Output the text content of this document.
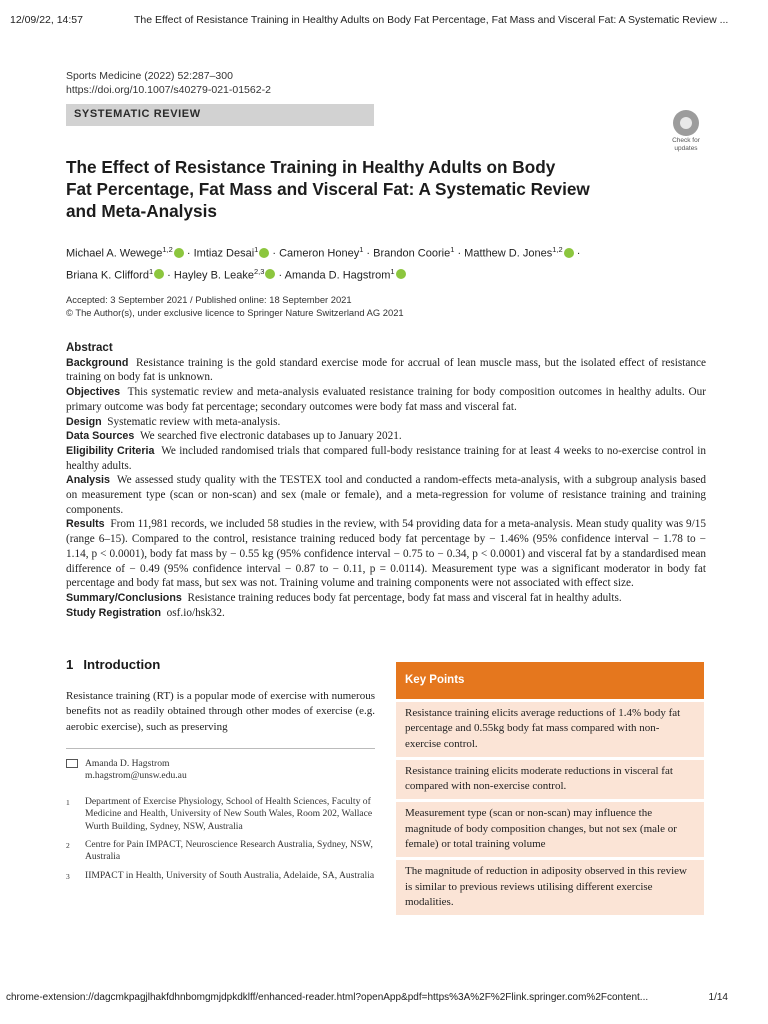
12/09/22, 14:57	The Effect of Resistance Training in Healthy Adults on Body Fat Percentage, Fat Mass and Visceral Fat: A Systematic Review ...
Sports Medicine (2022) 52:287–300
https://doi.org/10.1007/s40279-021-01562-2
SYSTEMATIC REVIEW
Check for
updates
The Effect of Resistance Training in Healthy Adults on Body
Fat Percentage, Fat Mass and Visceral Fat: A Systematic Review
and Meta-Analysis
Michael A. Wewege$^{1,2}$ · Imtiaz Desai$^1$ · Cameron Honey$^1$ · Brandon Coorie$^1$ · Matthew D. Jones$^{1,2}$ ·
Briana K. Clifford$^1$ · Hayley B. Leake$^{2,3}$ · Amanda D. Hagstrom$^1$
Accepted: 3 September 2021 / Published online: 18 September 2021
© The Author(s), under exclusive licence to Springer Nature Switzerland AG 2021
Abstract

Background Resistance training is the gold standard exercise mode for accrual of lean muscle mass, but the isolated effect of resistance training on body fat is unknown.

Objectives This systematic review and meta-analysis evaluated resistance training for body composition outcomes in healthy adults. Our primary outcome was body fat percentage; secondary outcomes were body fat mass and visceral fat.

Design Systematic review with meta-analysis.

Data Sources We searched five electronic databases up to January 2021.

Eligibility Criteria We included randomised trials that compared full-body resistance training for at least 4 weeks to no-exercise control in healthy adults.

Analysis We assessed study quality with the TESTEX tool and conducted a random-effects meta-analysis, with a subgroup analysis based on measurement type (scan or non-scan) and sex (male or female), and a meta-regression for volume of resistance training and training components.

Results From 11,981 records, we included 58 studies in the review, with 54 providing data for a meta-analysis. Mean study quality was 9/15 (range 6–15). Compared to the control, resistance training reduced body fat percentage by − 1.46% (95% confidence interval − 1.78 to − 1.14, p < 0.0001), body fat mass by − 0.55 kg (95% confidence interval − 0.75 to − 0.34, p < 0.0001) and visceral fat by a standardised mean difference of − 0.49 (95% confidence interval − 0.87 to − 0.11, p = 0.0114). Measurement type was a significant moderator in body fat percentage and body fat mass, but sex was not. Training volume and training components were not associated with effect size.

Summary/Conclusions Resistance training reduces body fat percentage, body fat mass and visceral fat in healthy adults.

Study Registration osf.io/hsk32.

1 Introduction
Resistance training (RT) is a popular mode of exercise with numerous benefits not as readily obtained through other modes of exercise (e.g. aerobic exercise), such as preserving
Amanda D. Hagstrom
m.hagstrom@unsw.edu.au
1	Department of Exercise Physiology, School of Health Sciences, Faculty of Medicine and Health, University of New South Wales, Room 202, Wallace Wurth Building, Sydney, NSW, Australia
2	Centre for Pain IMPACT, Neuroscience Research Australia, Sydney, NSW, Australia
3	IIMPACT in Health, University of South Australia, Adelaide, SA, Australia
Key Points
Resistance training elicits average reductions of 1.4% body fat percentage and 0.55kg body fat mass compared with non-exercise control.
Resistance training elicits moderate reductions in visceral fat compared with non-exercise control.
Measurement type (scan or non-scan) may influence the magnitude of body composition changes, but not sex (male or female) or total training volume
The magnitude of reduction in adiposity observed in this review is similar to previous reviews utilising different exercise modalities.
chrome-extension://dagcmkpagjlhakfdhnbomgmjdpkdklff/enhanced-reader.html?openApp&pdf=https%3A%2F%2Flink.springer.com%2Fcontent...	1/14
